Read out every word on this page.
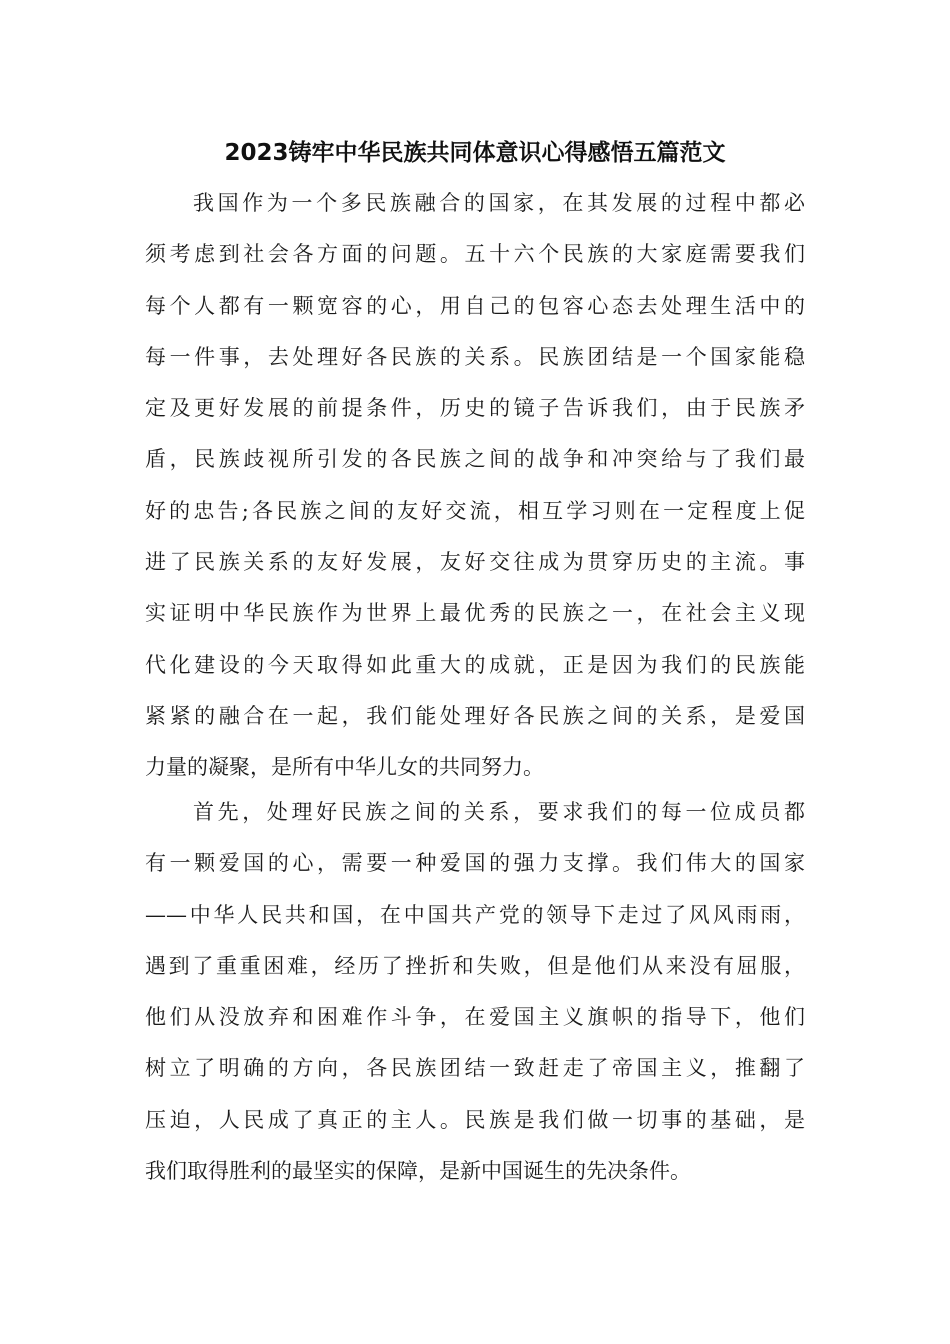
2023铸牢中华民族共同体意识心得感悟五篇范文

我国作为一个多民族融合的国家，在其发展的过程中都必
须考虑到社会各方面的问题。五十六个民族的大家庭需要我们
每个人都有一颗宽容的心，用自己的包容心态去处理生活中的
每一件事，去处理好各民族的关系。民族团结是一个国家能稳
定及更好发展的前提条件，历史的镜子告诉我们，由于民族矛
盾，民族歧视所引发的各民族之间的战争和冲突给与了我们最
好的忠告;各民族之间的友好交流，相互学习则在一定程度上促
进了民族关系的友好发展，友好交往成为贯穿历史的主流。事
实证明中华民族作为世界上最优秀的民族之一，在社会主义现
代化建设的今天取得如此重大的成就，正是因为我们的民族能
紧紧的融合在一起，我们能处理好各民族之间的关系，是爱国
力量的凝聚，是所有中华儿女的共同努力。

首先，处理好民族之间的关系，要求我们的每一位成员都
有一颗爱国的心，需要一种爱国的强力支撑。我们伟大的国家
——中华人民共和国，在中国共产党的领导下走过了风风雨雨，
遇到了重重困难，经历了挫折和失败，但是他们从来没有屈服，
他们从没放弃和困难作斗争，在爱国主义旗帜的指导下，他们
树立了明确的方向，各民族团结一致赶走了帝国主义，推翻了
压迫，人民成了真正的主人。民族是我们做一切事的基础，是
我们取得胜利的最坚实的保障，是新中国诞生的先决条件。
